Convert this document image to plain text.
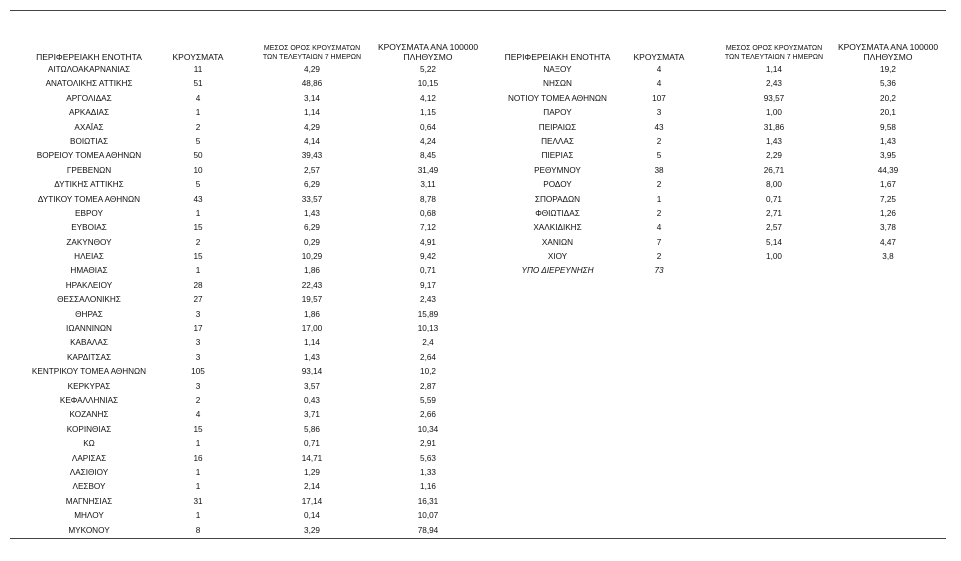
ΠΕΡΙΦΕΡΕΙΑΚΗ ΕΝΟΤΗΤΑ	ΚΡΟΥΣΜΑΤΑ
ΜΕΣΟΣ ΟΡΟΣ ΚΡΟΥΣΜΑΤΩΝ
ΤΩΝ ΤΕΛΕΥΤΑΙΩΝ 7 ΗΜΕΡΩΝ
ΚΡΟΥΣΜΑΤΑ ΑΝΑ 100000
ΠΛΗΘΥΣΜΟ
ΑΙΤΩΛΟΑΚΑΡΝΑΝΙΑΣ	11	4,29	5,22
ΑΝΑΤΟΛΙΚΗΣ ΑΤΤΙΚΗΣ	51	48,86	10,15
ΑΡΓΟΛΙΔΑΣ	4	3,14	4,12
ΑΡΚΑΔΙΑΣ	1	1,14	1,15
ΑΧΑΪΑΣ	2	4,29	0,64
ΒΟΙΩΤΙΑΣ	5	4,14	4,24
ΒΟΡΕΙΟΥ ΤΟΜΕΑ ΑΘΗΝΩΝ	50	39,43	8,45
ΓΡΕΒΕΝΩΝ	10	2,57	31,49
ΔΥΤΙΚΗΣ ΑΤΤΙΚΗΣ	5	6,29	3,11
ΔΥΤΙΚΟΥ ΤΟΜΕΑ ΑΘΗΝΩΝ	43	33,57	8,78
ΕΒΡΟΥ	1	1,43	0,68
ΕΥΒΟΙΑΣ	15	6,29	7,12
ΖΑΚΥΝΘΟΥ	2	0,29	4,91
ΗΛΕΙΑΣ	15	10,29	9,42
ΗΜΑΘΙΑΣ	1	1,86	0,71
ΗΡΑΚΛΕΙΟΥ	28	22,43	9,17
ΘΕΣΣΑΛΟΝΙΚΗΣ	27	19,57	2,43
ΘΗΡΑΣ	3	1,86	15,89
ΙΩΑΝΝΙΝΩΝ	17	17,00	10,13
ΚΑΒΑΛΑΣ	3	1,14	2,4
ΚΑΡΔΙΤΣΑΣ	3	1,43	2,64
ΚΕΝΤΡΙΚΟΥ ΤΟΜΕΑ ΑΘΗΝΩΝ	105	93,14	10,2
ΚΕΡΚΥΡΑΣ	3	3,57	2,87
ΚΕΦΑΛΛΗΝΙΑΣ	2	0,43	5,59
ΚΟΖΑΝΗΣ	4	3,71	2,66
ΚΟΡΙΝΘΙΑΣ	15	5,86	10,34
ΚΩ	1	0,71	2,91
ΛΑΡΙΣΑΣ	16	14,71	5,63
ΛΑΣΙΘΙΟΥ	1	1,29	1,33
ΛΕΣΒΟΥ	1	2,14	1,16
ΜΑΓΝΗΣΙΑΣ	31	17,14	16,31
ΜΗΛΟΥ	1	0,14	10,07
ΜΥΚΟΝΟΥ	8	3,29	78,94
ΠΕΡΙΦΕΡΕΙΑΚΗ ΕΝΟΤΗΤΑ	ΚΡΟΥΣΜΑΤΑ
ΜΕΣΟΣ ΟΡΟΣ ΚΡΟΥΣΜΑΤΩΝ
ΤΩΝ ΤΕΛΕΥΤΑΙΩΝ 7 ΗΜΕΡΩΝ
ΚΡΟΥΣΜΑΤΑ ΑΝΑ 100000
ΠΛΗΘΥΣΜΟ
ΝΑΞΟΥ	4	1,14	19,2
ΝΗΣΩΝ	4	2,43	5,36
ΝΟΤΙΟΥ ΤΟΜΕΑ ΑΘΗΝΩΝ	107	93,57	20,2
ΠΑΡΟΥ	3	1,00	20,1
ΠΕΙΡΑΙΩΣ	43	31,86	9,58
ΠΕΛΛΑΣ	2	1,43	1,43
ΠΙΕΡΙΑΣ	5	2,29	3,95
ΡΕΘΥΜΝΟΥ	38	26,71	44,39
ΡΟΔΟΥ	2	8,00	1,67
ΣΠΟΡΑΔΩΝ	1	0,71	7,25
ΦΘΙΩΤΙΔΑΣ	2	2,71	1,26
ΧΑΛΚΙΔΙΚΗΣ	4	2,57	3,78
ΧΑΝΙΩΝ	7	5,14	4,47
ΧΙΟΥ	2	1,00	3,8
ΥΠΟ ΔΙΕΡΕΥΝΗΣΗ	73
